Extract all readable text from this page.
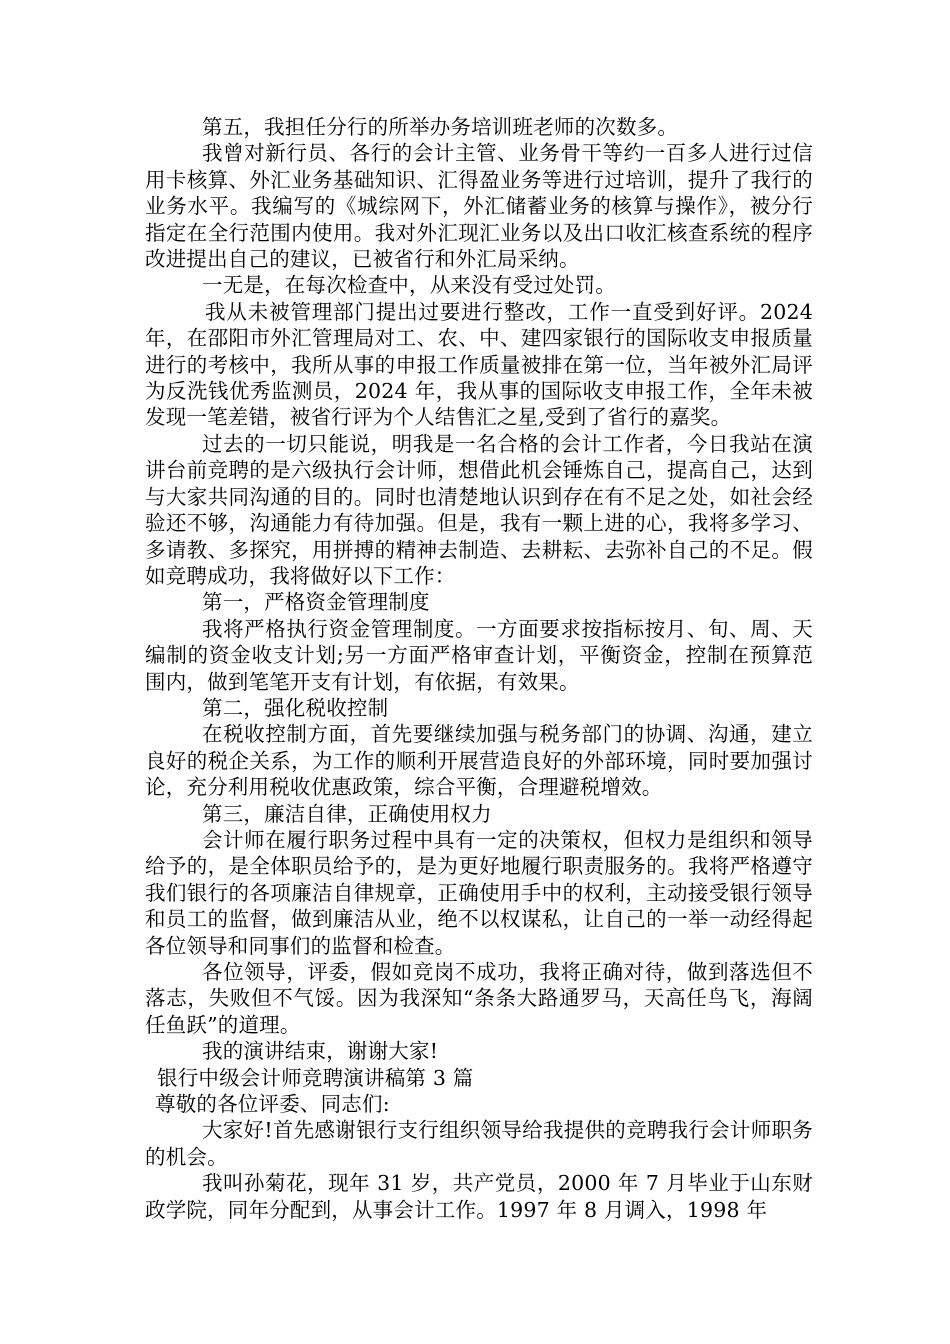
第五，我担任分行的所举办务培训班老师的次数多。

我曾对新行员、各行的会计主管、业务骨干等约一百多人进行过信用卡核算、外汇业务基础知识、汇得盈业务等进行过培训，提升了我行的业务水平。我编写的《城综网下，外汇储蓄业务的核算与操作》，被分行指定在全行范围内使用。我对外汇现汇业务以及出口收汇核查系统的程序改进提出自己的建议，已被省行和外汇局采纳。

一无是，在每次检查中，从来没有受过处罚。

我从未被管理部门提出过要进行整改，工作一直受到好评。2024 年，在邵阳市外汇管理局对工、农、中、建四家银行的国际收支申报质量进行的考核中，我所从事的申报工作质量被排在第一位，当年被外汇局评为反洗钱优秀监测员，2024 年，我从事的国际收支申报工作，全年未被发现一笔差错，被省行评为个人结售汇之星,受到了省行的嘉奖。

过去的一切只能说，明我是一名合格的会计工作者，今日我站在演讲台前竞聘的是六级执行会计师，想借此机会锤炼自己，提高自己，达到与大家共同沟通的目的。同时也清楚地认识到存在有不足之处，如社会经验还不够，沟通能力有待加强。但是，我有一颗上进的心，我将多学习、多请教、多探究，用拼搏的精神去制造、去耕耘、去弥补自己的不足。假如竞聘成功，我将做好以下工作：

第一，严格资金管理制度

我将严格执行资金管理制度。一方面要求按指标按月、旬、周、天编制的资金收支计划;另一方面严格审查计划，平衡资金，控制在预算范围内，做到笔笔开支有计划，有依据，有效果。

第二，强化税收控制

在税收控制方面，首先要继续加强与税务部门的协调、沟通，建立良好的税企关系，为工作的顺利开展营造良好的外部环境，同时要加强讨论，充分利用税收优惠政策，综合平衡，合理避税增效。

第三，廉洁自律，正确使用权力

会计师在履行职务过程中具有一定的决策权，但权力是组织和领导给予的，是全体职员给予的，是为更好地履行职责服务的。我将严格遵守我们银行的各项廉洁自律规章，正确使用手中的权利，主动接受银行领导和员工的监督，做到廉洁从业，绝不以权谋私，让自己的一举一动经得起各位领导和同事们的监督和检查。

各位领导，评委，假如竞岗不成功，我将正确对待，做到落选但不落志，失败但不气馁。因为我深知“条条大路通罗马，天高任鸟飞，海阔任鱼跃”的道理。

我的演讲结束，谢谢大家!

银行中级会计师竞聘演讲稿第 3 篇

尊敬的各位评委、同志们:

大家好!首先感谢银行支行组织领导给我提供的竞聘我行会计师职务的机会。

我叫孙菊花，现年 31 岁，共产党员，2000 年 7 月毕业于山东财政学院，同年分配到，从事会计工作。1997 年 8 月调入，1998 年
